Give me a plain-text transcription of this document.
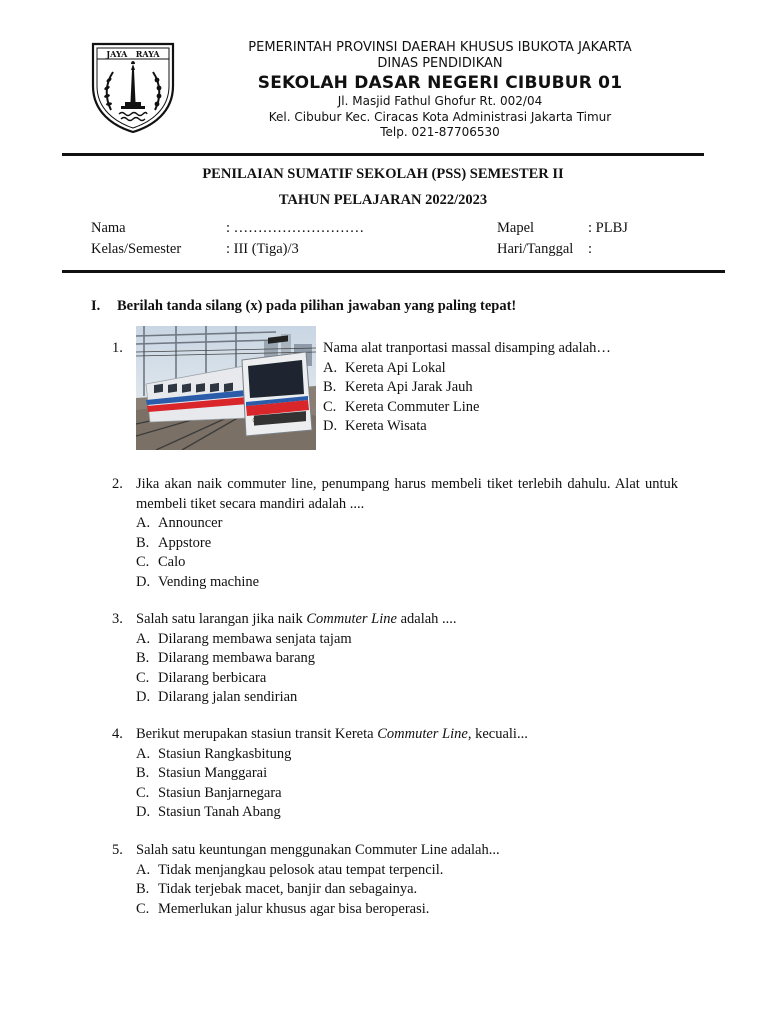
JAYA   RAYA	PEMERINTAH PROVINSI DAERAH KHUSUS IBUKOTA JAKARTA
DINAS PENDIDIKAN
SEKOLAH DASAR NEGERI CIBUBUR 01
Jl. Masjid Fathul Ghofur Rt. 002/04
Kel. Cibubur Kec. Ciracas Kota Administrasi Jakarta Timur
Telp. 021-87706530
PENILAIAN SUMATIF SEKOLAH (PSS) SEMESTER II
TAHUN PELAJARAN 2022/2023
Nama	: ………………………	Mapel	: PLBJ
Kelas/Semester	: III (Tiga)/3	Hari/Tanggal :
I. Berilah tanda silang (x) pada pilihan jawaban yang paling tepat!
1.	Nama alat tranportasi massal disamping adalah…
A. Kereta Api Lokal
B. Kereta Api Jarak Jauh
C. Kereta Commuter Line
D. Kereta Wisata
2. Jika akan naik commuter line, penumpang harus membeli tiket terlebih dahulu. Alat untuk membeli tiket secara mandiri adalah ....
A. Announcer
B. Appstore
C. Calo
D. Vending machine
3. Salah satu larangan jika naik Commuter Line adalah ....
A. Dilarang membawa senjata tajam
B. Dilarang membawa barang
C. Dilarang berbicara
D. Dilarang jalan sendirian
4. Berikut merupakan stasiun transit Kereta Commuter Line, kecuali...
A. Stasiun Rangkasbitung
B. Stasiun Manggarai
C. Stasiun Banjarnegara
D. Stasiun Tanah Abang
5. Salah satu keuntungan menggunakan Commuter Line adalah...
A. Tidak menjangkau pelosok atau tempat terpencil.
B. Tidak terjebak macet, banjir dan sebagainya.
C. Memerlukan jalur khusus agar bisa beroperasi.
